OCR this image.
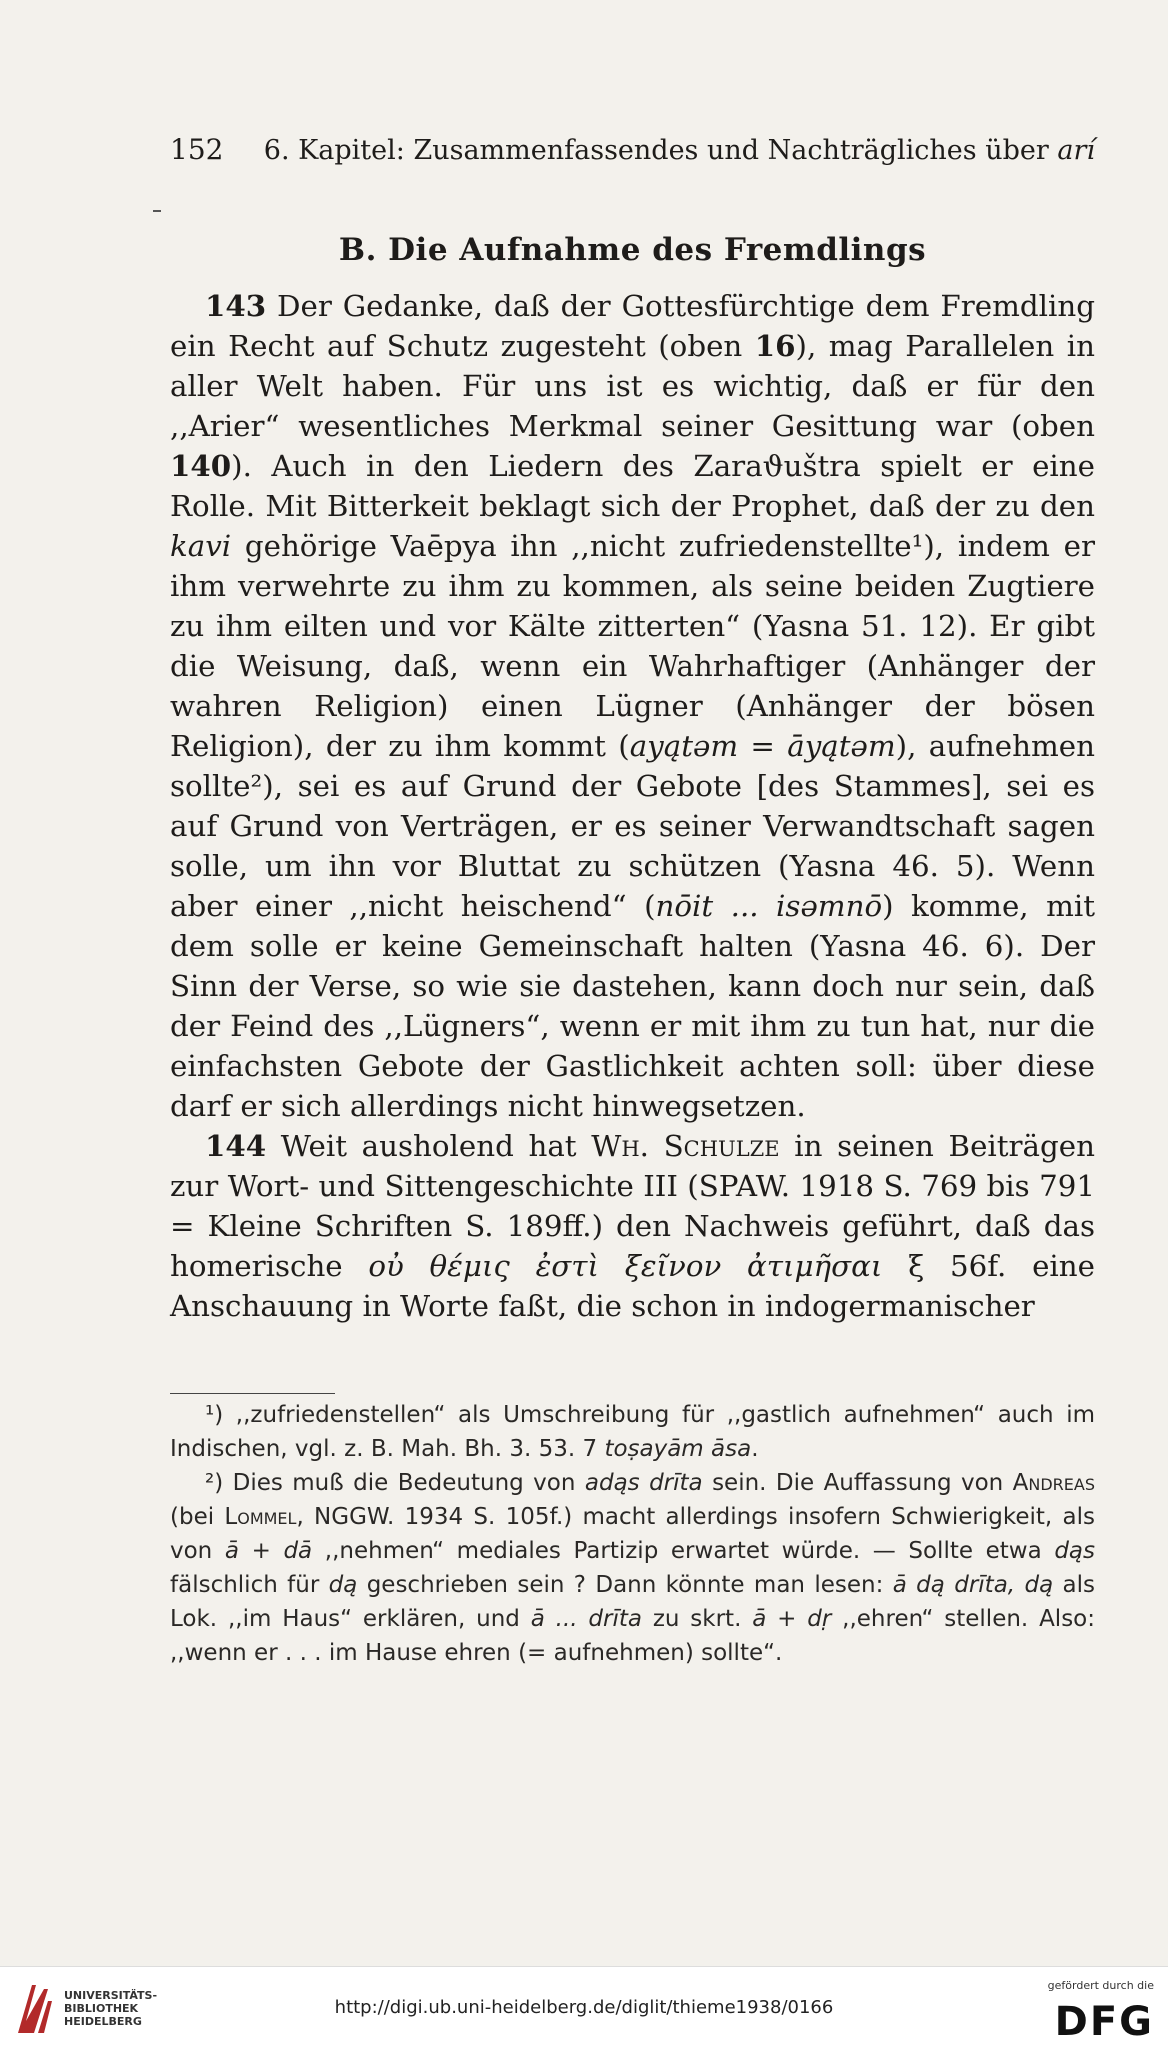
152	6. Kapitel: Zusammenfassendes und Nachträgliches über arí
B. Die Aufnahme des Fremdlings

143 Der Gedanke, daß der Gottesfürchtige dem Fremdling ein Recht auf Schutz zugesteht (oben 16), mag Parallelen in aller Welt haben. Für uns ist es wichtig, daß er für den ,,Arier“ wesentliches Merkmal seiner Gesittung war (oben 140). Auch in den Liedern des Zaraϑuštra spielt er eine Rolle. Mit Bitterkeit beklagt sich der Prophet, daß der zu den kavi gehörige Vaēpya ihn ,,nicht zufriedenstellte¹), indem er ihm verwehrte zu ihm zu kommen, als seine beiden Zugtiere zu ihm eilten und vor Kälte zitterten“ (Yasna 51. 12). Er gibt die Weisung, daß, wenn ein Wahrhaftiger (Anhänger der wahren Religion) einen Lügner (Anhänger der bösen Religion), der zu ihm kommt (ayątəm = āyątəm), aufnehmen sollte²), sei es auf Grund der Gebote [des Stammes], sei es auf Grund von Verträgen, er es seiner Verwandtschaft sagen solle, um ihn vor Bluttat zu schützen (Yasna 46. 5). Wenn aber einer ,,nicht heischend“ (nōit ... isəmnō) komme, mit dem solle er keine Gemeinschaft halten (Yasna 46. 6). Der Sinn der Verse, so wie sie dastehen, kann doch nur sein, daß der Feind des ,,Lügners“, wenn er mit ihm zu tun hat, nur die einfachsten Gebote der Gastlichkeit achten soll: über diese darf er sich allerdings nicht hinwegsetzen.

144 Weit ausholend hat Wh. Schulze in seinen Beiträgen zur Wort- und Sittengeschichte III (SPAW. 1918 S. 769 bis 791 = Kleine Schriften S. 189ff.) den Nachweis geführt, daß das homerische οὐ θέμις ἐστὶ ξεῖνον ἀτιμῆσαι ξ 56f. eine Anschauung in Worte faßt, die schon in indogermanischer

¹) ,,zufriedenstellen“ als Umschreibung für ,,gastlich aufnehmen“ auch im Indischen, vgl. z. B. Mah. Bh. 3. 53. 7 toṣayām āsa.

²) Dies muß die Bedeutung von adąs drīta sein. Die Auffassung von Andreas (bei Lommel, NGGW. 1934 S. 105f.) macht allerdings insofern Schwierigkeit, als von ā + dā ,,nehmen“ mediales Partizip erwartet würde. — Sollte etwa dąs fälschlich für dą geschrieben sein ? Dann könnte man lesen: ā dą drīta, dą als Lok. ,,im Haus“ erklären, und ā ... drīta zu skrt. ā + dṛ ,,ehren“ stellen. Also: ,,wenn er . . . im Hause ehren (= aufnehmen) sollte“.

UNIVERSITÄTS-
BIBLIOTHEK
HEIDELBERG
http://digi.ub.uni-heidelberg.de/diglit/thieme1938/0166
gefördert durch die
DFG
